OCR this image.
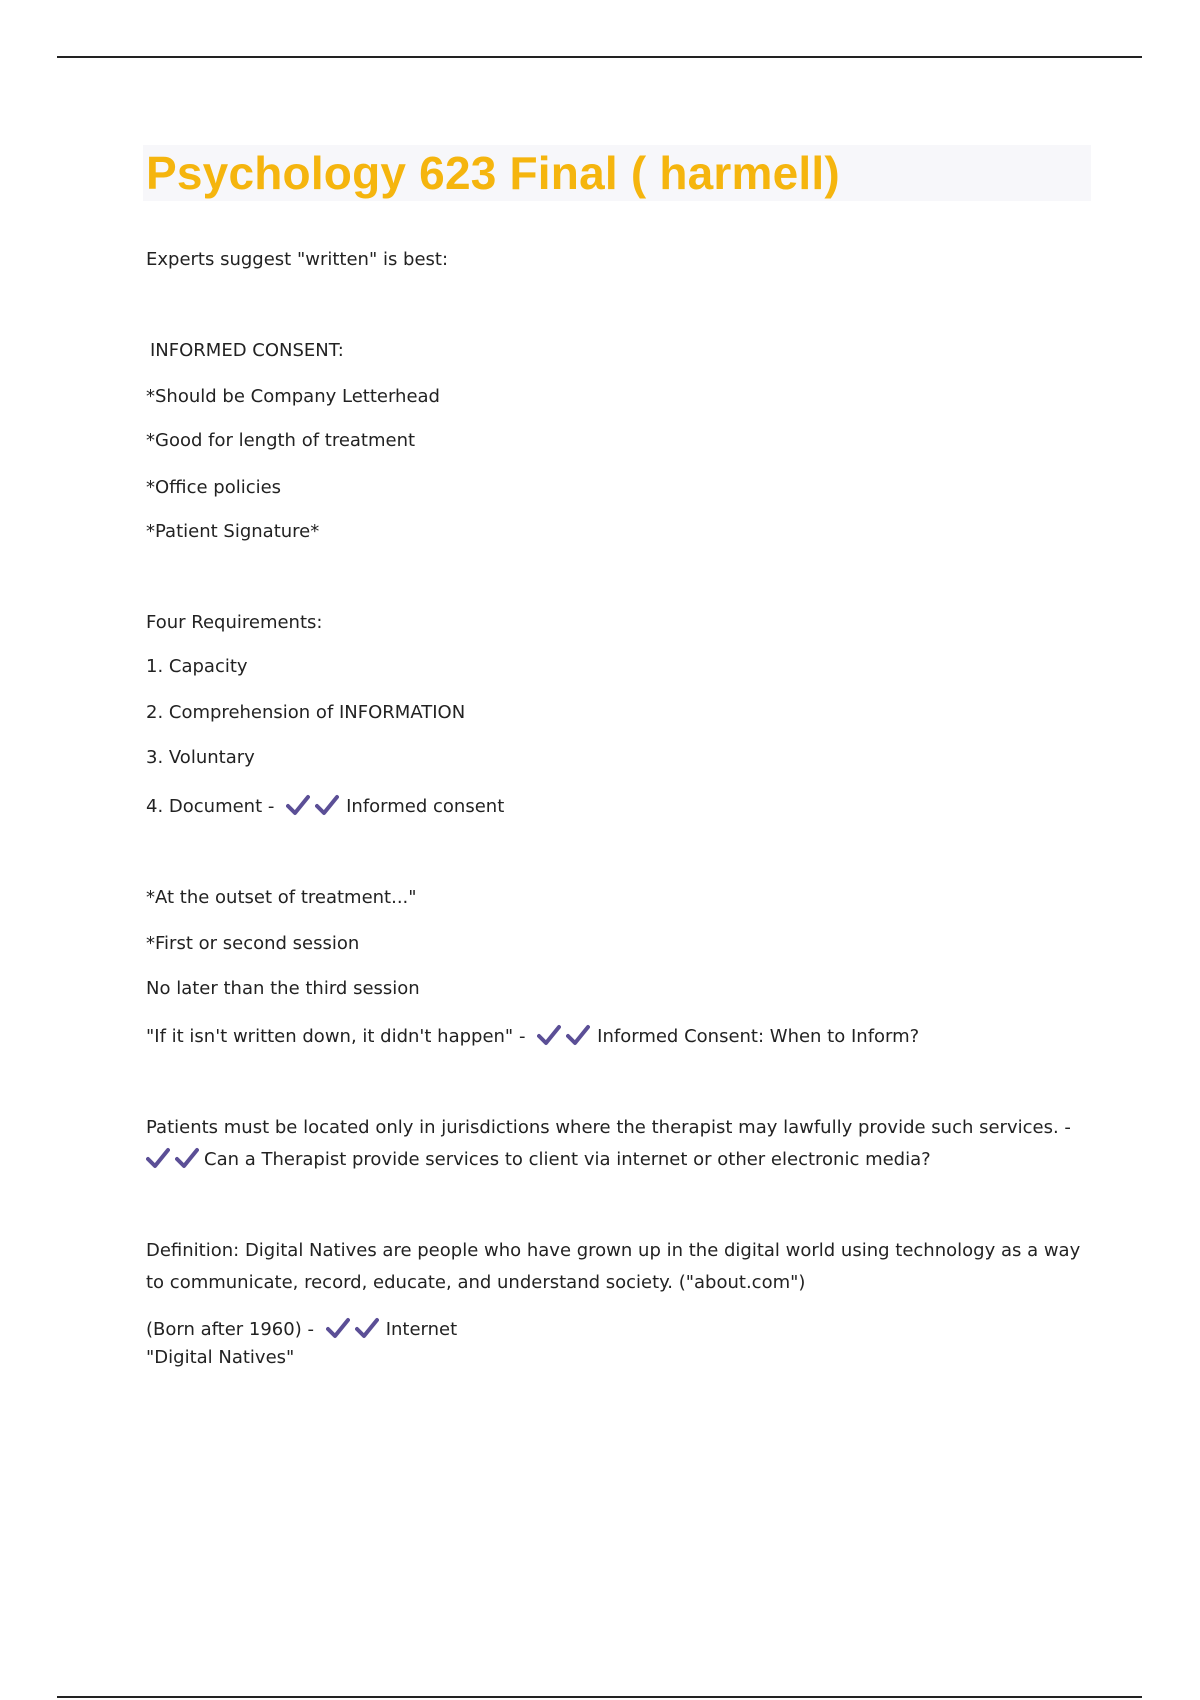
Psychology 623 Final ( harmell)
Experts suggest "written" is best:
INFORMED CONSENT:
*Should be Company Letterhead
*Good for length of treatment
*Office policies
*Patient Signature*
Four Requirements:
1. Capacity
2. Comprehension of INFORMATION
3. Voluntary
4. Document -	Informed consent
*At the outset of treatment..."
*First or second session
No later than the third session
"If it isn't written down, it didn't happen" -	Informed Consent: When to Inform?
Patients must be located only in jurisdictions where the therapist may lawfully provide such services. -

Can a Therapist provide services to client via internet or other electronic media?
Definition: Digital Natives are people who have grown up in the digital world using technology as a way to communicate, record, educate, and understand society. ("about.com")
(Born after 1960) -	Internet
"Digital Natives"
